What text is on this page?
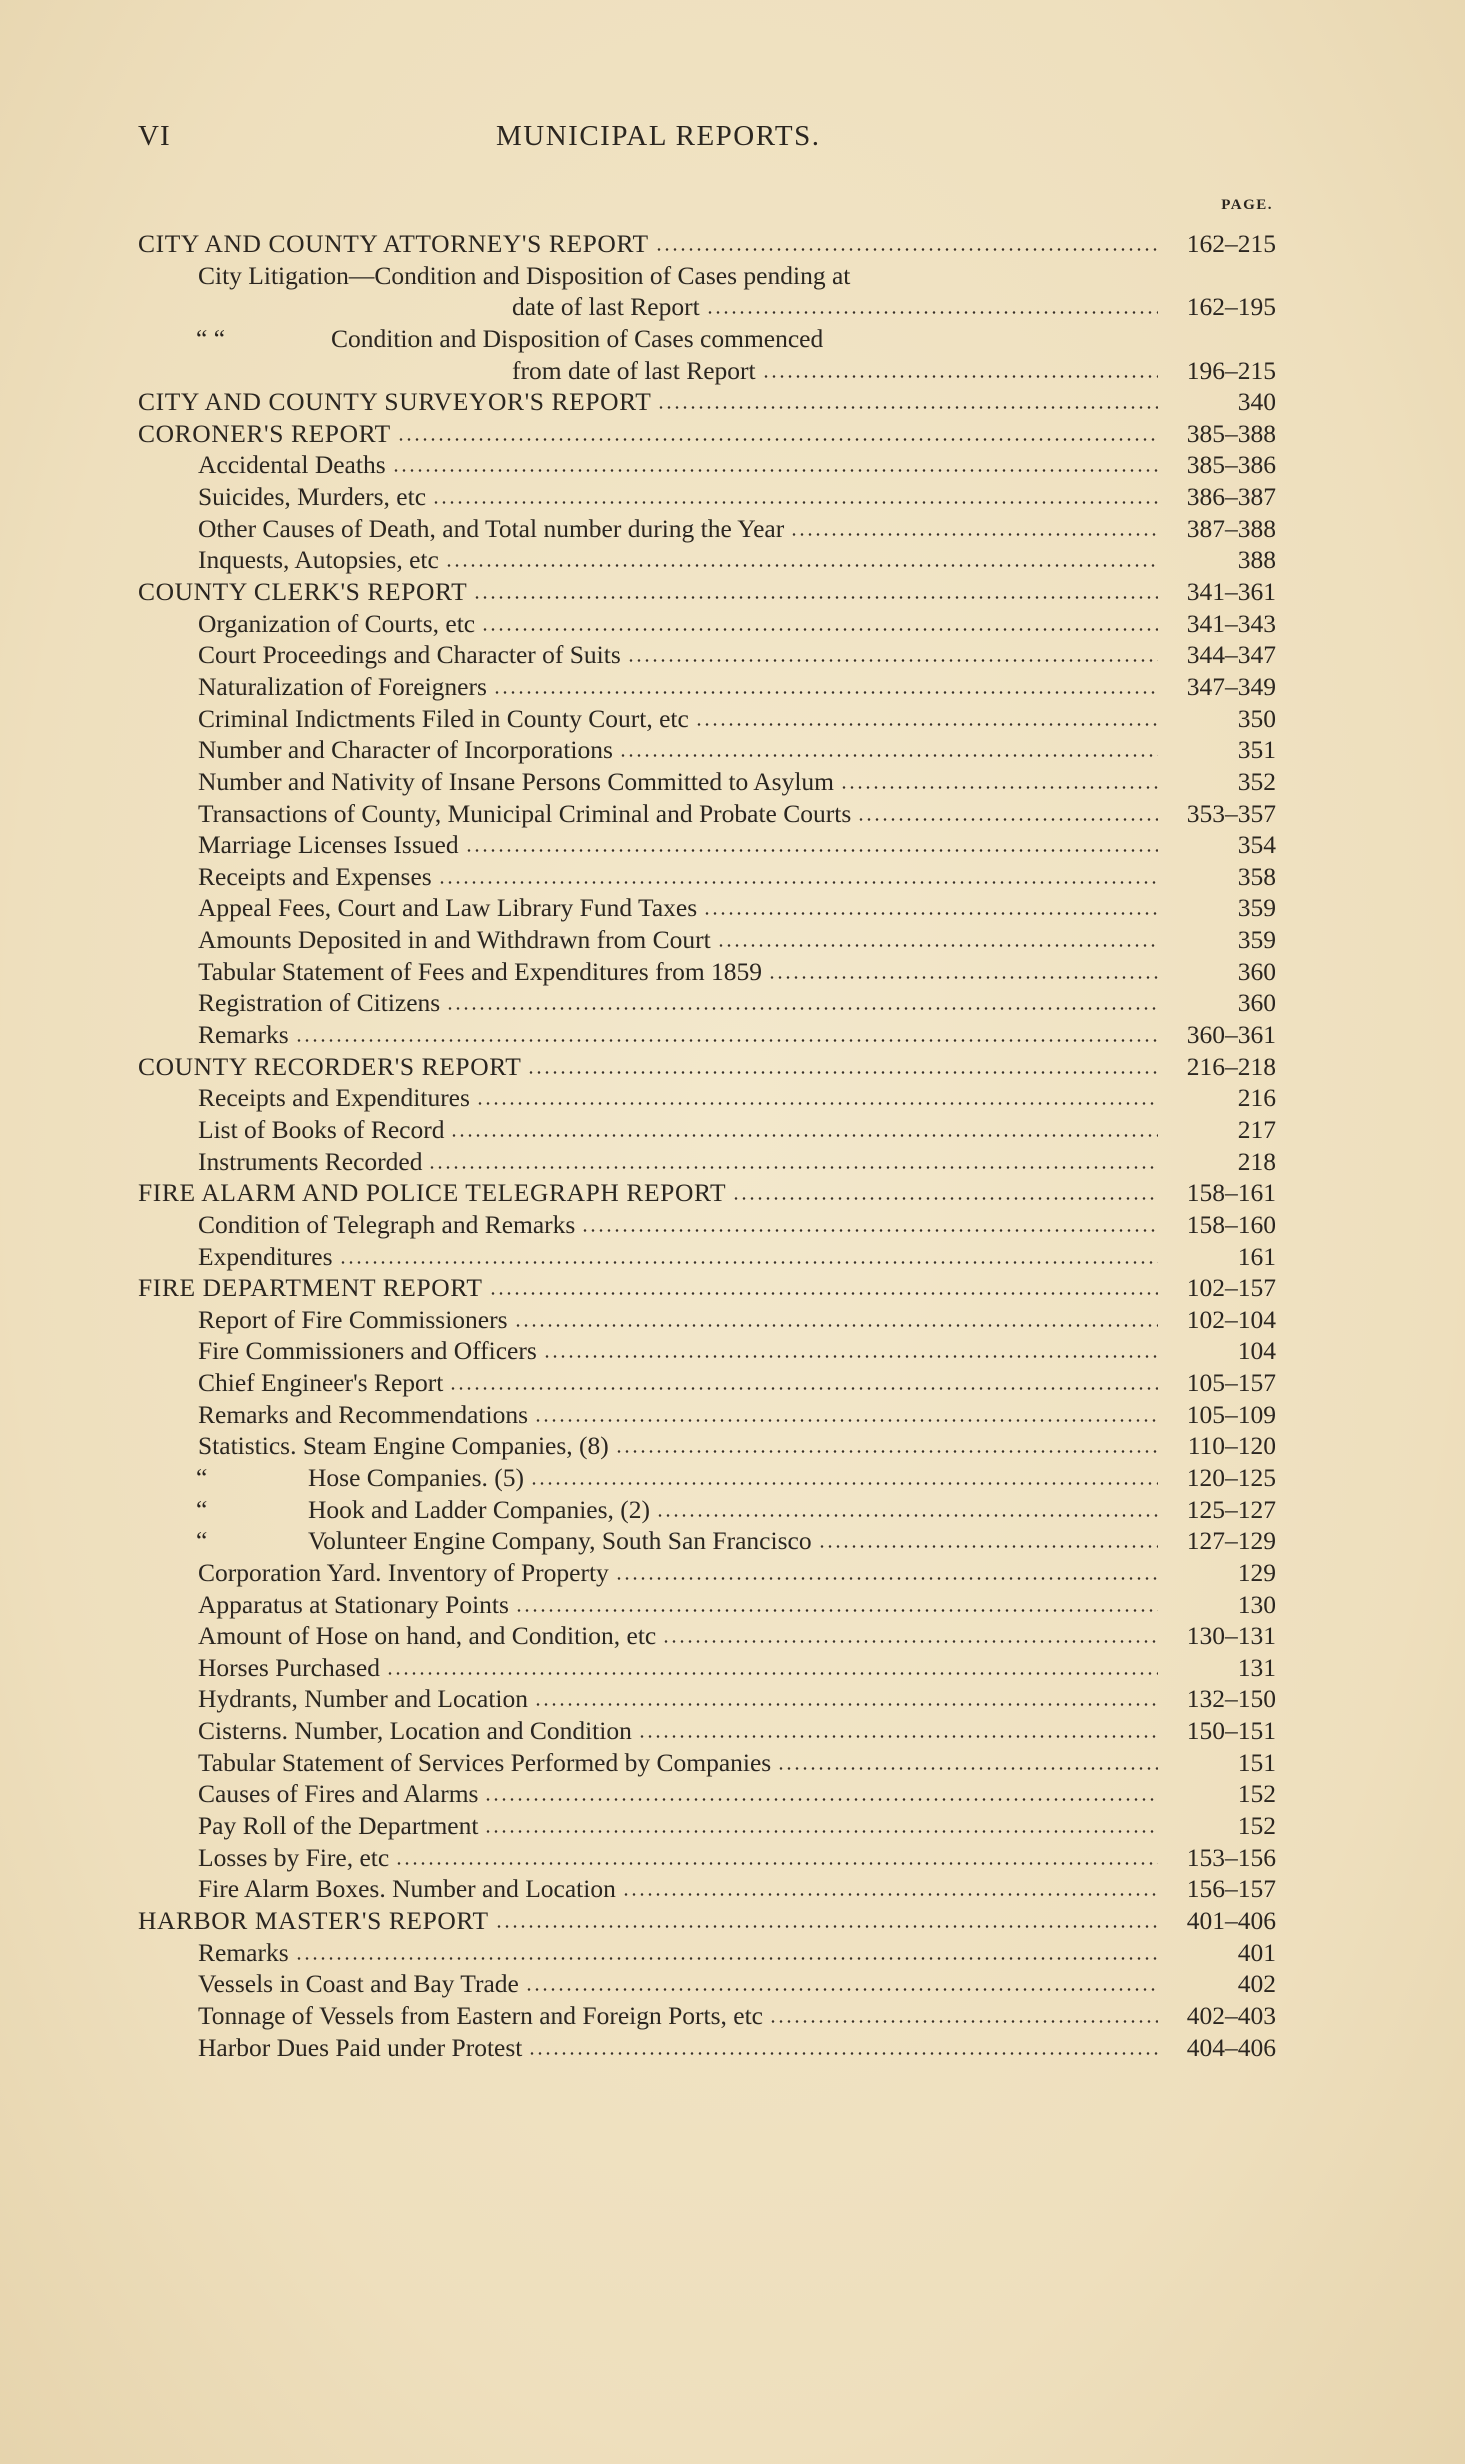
VI	MUNICIPAL REPORTS.
PAGE.
CITY AND COUNTY ATTORNEY'S REPORT	162–215
City Litigation—Condition and Disposition of Cases pending at
date of last Report	162–195
“ “	Condition and Disposition of Cases commenced
from date of last Report	196–215
CITY AND COUNTY SURVEYOR'S REPORT	340
CORONER'S REPORT	385–388
Accidental Deaths	385–386
Suicides, Murders, etc	386–387
Other Causes of Death, and Total number during the Year	387–388
Inquests, Autopsies, etc	388
COUNTY CLERK'S REPORT	341–361
Organization of Courts, etc	341–343
Court Proceedings and Character of Suits	344–347
Naturalization of Foreigners	347–349
Criminal Indictments Filed in County Court, etc	350
Number and Character of Incorporations	351
Number and Nativity of Insane Persons Committed to Asylum	352
Transactions of County, Municipal Criminal and Probate Courts	353–357
Marriage Licenses Issued	354
Receipts and Expenses	358
Appeal Fees, Court and Law Library Fund Taxes	359
Amounts Deposited in and Withdrawn from Court	359
Tabular Statement of Fees and Expenditures from 1859	360
Registration of Citizens	360
Remarks	360–361
COUNTY RECORDER'S REPORT	216–218
Receipts and Expenditures	216
List of Books of Record	217
Instruments Recorded	218
FIRE ALARM AND POLICE TELEGRAPH REPORT	158–161
Condition of Telegraph and Remarks	158–160
Expenditures	161
FIRE DEPARTMENT REPORT	102–157
Report of Fire Commissioners	102–104
Fire Commissioners and Officers	104
Chief Engineer's Report	105–157
Remarks and Recommendations	105–109
Statistics. Steam Engine Companies, (8)	110–120
“	Hose Companies. (5)	120–125
“	Hook and Ladder Companies, (2)	125–127
“	Volunteer Engine Company, South San Francisco	127–129
Corporation Yard. Inventory of Property	129
Apparatus at Stationary Points	130
Amount of Hose on hand, and Condition, etc	130–131
Horses Purchased	131
Hydrants, Number and Location	132–150
Cisterns. Number, Location and Condition	150–151
Tabular Statement of Services Performed by Companies	151
Causes of Fires and Alarms	152
Pay Roll of the Department	152
Losses by Fire, etc	153–156
Fire Alarm Boxes. Number and Location	156–157
HARBOR MASTER'S REPORT	401–406
Remarks	401
Vessels in Coast and Bay Trade	402
Tonnage of Vessels from Eastern and Foreign Ports, etc	402–403
Harbor Dues Paid under Protest	404–406
